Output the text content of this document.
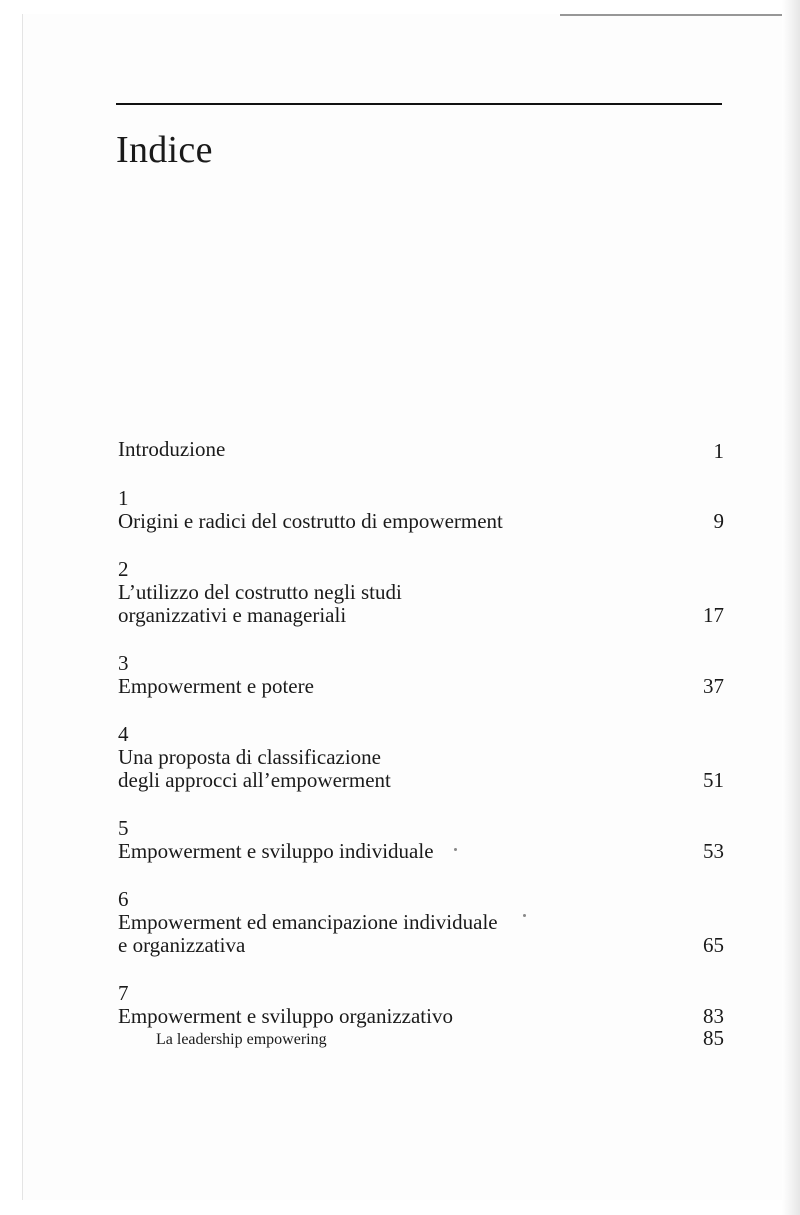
Indice
Introduzione	1
1
Origini e radici del costrutto di empowerment	9
2
L’utilizzo del costrutto negli studi
organizzativi e manageriali	17
3
Empowerment e potere	37
4
Una proposta di classificazione
degli approcci all’empowerment	51
5
Empowerment e sviluppo individuale	53
6
Empowerment ed emancipazione individuale
e organizzativa	65
7
Empowerment e sviluppo organizzativo	83
La leadership empowering	85
